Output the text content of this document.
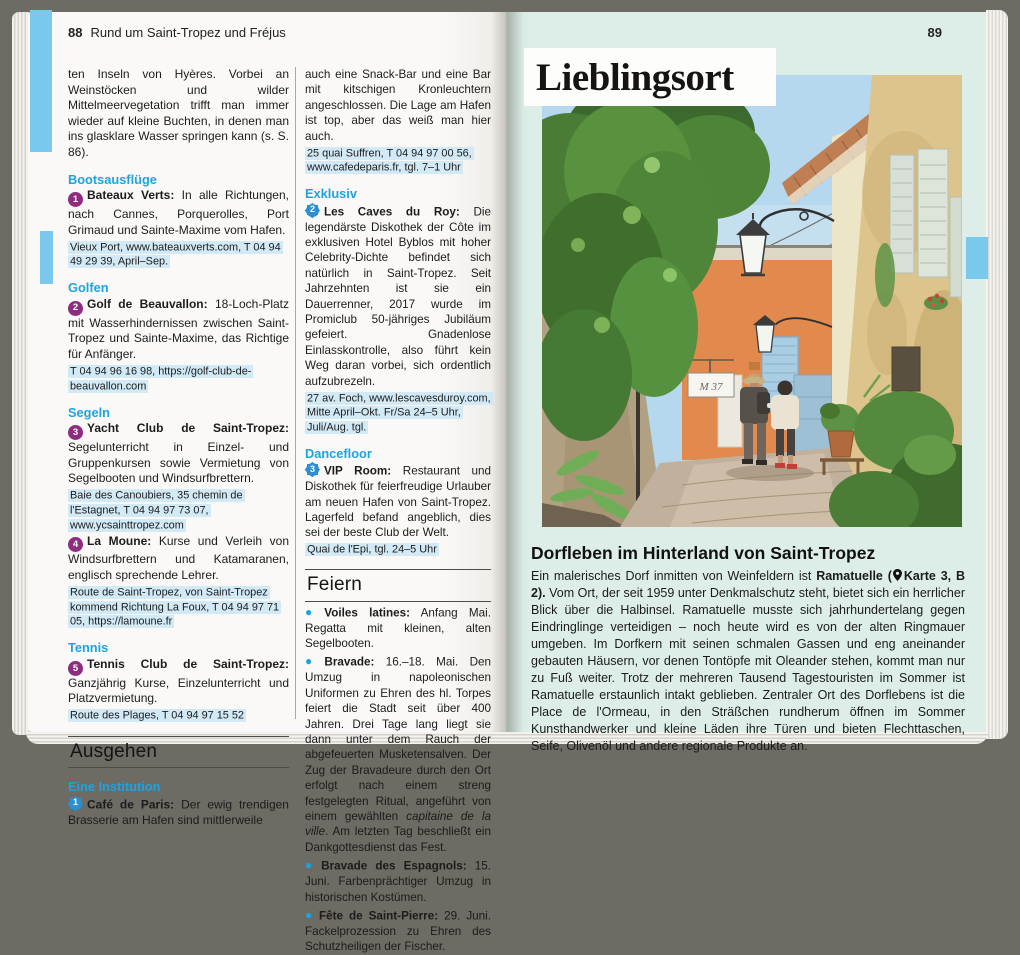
88 Rund um Saint-Tropez und Fréjus

ten Inseln von Hyères. Vorbei an Weinstöcken und wilder Mittelmeervegetation trifft man immer wieder auf kleine Buchten, in denen man ins glasklare Wasser springen kann (s. S. 86).

Bootsausflüge

1 Bateaux Verts: In alle Richtungen, nach Cannes, Porquerolles, Port Grimaud und Sainte-Maxime vom Hafen.

Vieux Port, www.bateauxverts.com, T 04 94 49 29 39, April–Sep.

Golfen

2 Golf de Beauvallon: 18-Loch-Platz mit Wasserhindernissen zwischen Saint-Tropez und Sainte-Maxime, das Richtige für Anfänger.

T 04 94 96 16 98, https://golf-club-de-beauvallon.com

Segeln

3 Yacht Club de Saint-Tropez: Segelunterricht in Einzel- und Gruppenkursen sowie Vermietung von Segelbooten und Windsurfbrettern.

Baie des Canoubiers, 35 chemin de l'Estagnet, T 04 94 97 73 07, www.ycsainttropez.com

4 La Moune: Kurse und Verleih von Windsurfbrettern und Katamaranen, englisch sprechende Lehrer.

Route de Saint-Tropez, von Saint-Tropez kommend Richtung La Foux, T 04 94 97 71 05, https://lamoune.fr

Tennis

5 Tennis Club de Saint-Tropez: Ganzjährig Kurse, Einzelunterricht und Platzvermietung.

Route des Plages, T 04 94 97 15 52

Ausgehen

Eine Institution

1 Café de Paris: Der ewig trendigen Brasserie am Hafen sind mittlerweile

auch eine Snack-Bar und eine Bar mit kitschigen Kronleuchtern angeschlossen. Die Lage am Hafen ist top, aber das weiß man hier auch.

25 quai Suffren, T 04 94 97 00 56, www.cafedeparis.fr, tgl. 7–1 Uhr

Exklusiv

2 Les Caves du Roy: Die legendärste Diskothek der Côte im exklusiven Hotel Byblos mit hoher Celebrity-Dichte befindet sich natürlich in Saint-Tropez. Seit Jahrzehnten ist sie ein Dauerrenner, 2017 wurde im Promiclub 50-jähriges Jubiläum gefeiert. Gnadenlose Einlasskontrolle, also führt kein Weg daran vorbei, sich ordentlich aufzubrezeln.

27 av. Foch, www.lescavesduroy.com, Mitte April–Okt. Fr/Sa 24–5 Uhr, Juli/Aug. tgl.

Dancefloor

3 VIP Room: Restaurant und Diskothek für feierfreudige Urlauber am neuen Hafen von Saint-Tropez. Lagerfeld befand angeblich, dies sei der beste Club der Welt.

Quai de l'Epi, tgl. 24–5 Uhr

Feiern

● Voiles latines: Anfang Mai. Regatta mit kleinen, alten Segelbooten.

● Bravade: 16.–18. Mai. Den Umzug in napoleonischen Uniformen zu Ehren des hl. Torpes feiert die Stadt seit über 400 Jahren. Drei Tage lang liegt sie dann unter dem Rauch der abgefeuerten Musketensalven. Der Zug der Bravadeure durch den Ort erfolgt nach einem streng festgelegten Ritual, angeführt von einem gewählten capitaine de la ville. Am letzten Tag beschließt ein Dankgottesdienst das Fest.

● Bravade des Espagnols: 15. Juni. Farbenprächtiger Umzug in historischen Kostümen.

● Fête de Saint-Pierre: 29. Juni. Fackelprozession zu Ehren des Schutzheiligen der Fischer.

89
M 37
Lieblingsort
Dorfleben im Hinterland von Saint-Tropez
Ein malerisches Dorf inmitten von Weinfeldern ist Ramatuelle ( Karte 3, B 2). Vom Ort, der seit 1959 unter Denkmalschutz steht, bietet sich ein herrlicher Blick über die Halbinsel. Ramatuelle musste sich jahrhundertelang gegen Eindringlinge verteidigen – noch heute wird es von der alten Ringmauer umgeben. Im Dorfkern mit seinen schmalen Gassen und eng aneinander gebauten Häusern, vor denen Tontöpfe mit Oleander stehen, kommt man nur zu Fuß weiter. Trotz der mehreren Tausend Tagestouristen im Sommer ist Ramatuelle erstaunlich intakt geblieben. Zentraler Ort des Dorflebens ist die Place de l'Ormeau, in den Sträßchen rundherum öffnen im Sommer Kunsthandwerker und kleine Läden ihre Türen und bieten Flechttaschen, Seife, Olivenöl und andere regionale Produkte an.
